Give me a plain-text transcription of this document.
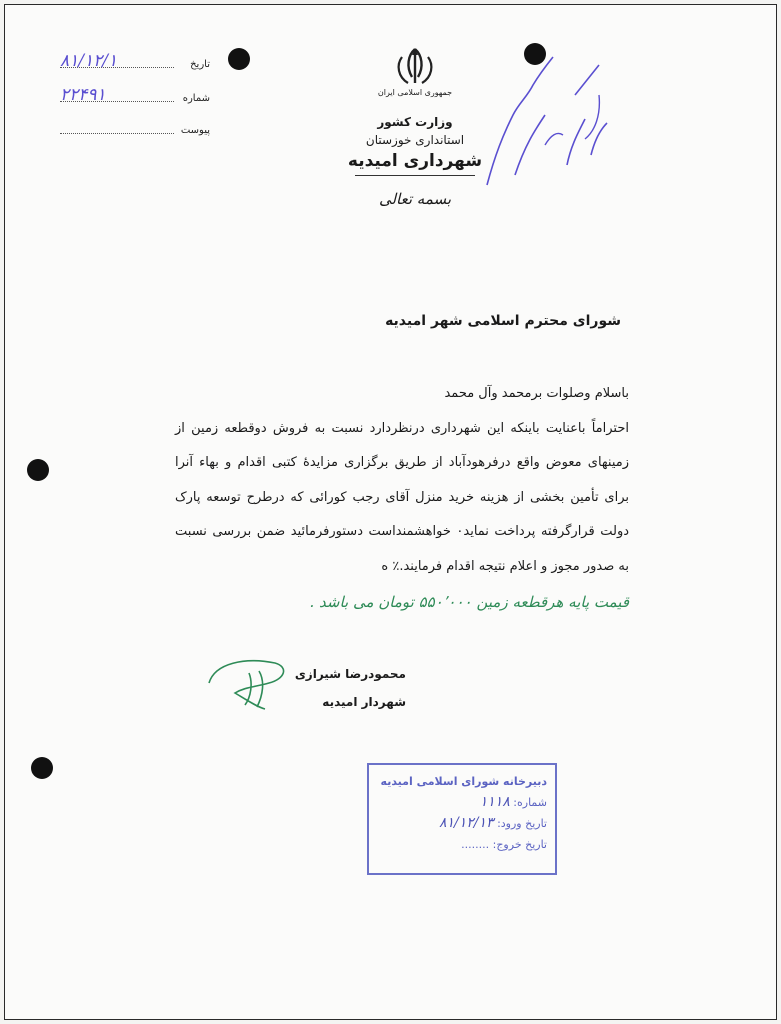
تاریخ
۸۱/۱۲/۱
شماره
۲۲۴۹۱
پیوست
جمهوری اسلامی ایران
وزارت کشور
استانداری خوزستان
شهرداری امیدیه
بسمه تعالی
شورای محترم اسلامی شهر امیدیه

باسلام وصلوات برمحمد وآل محمد

احتراماً باعنایت باینکه این شهرداری درنظردارد نسبت به فروش دوقطعه زمین از زمینهای معوض واقع درفرهودآباد از طریق برگزاری مزایدهٔ کتبی اقدام و بهاء آنرا برای تأمین بخشی از هزینه خرید منزل آقای رجب کورائی که درطرح توسعه پارک دولت قرارگرفته پرداخت نماید٠ خواهشمنداست دستورفرمائید ضمن بررسی نسبت به صدور مجوز و اعلام نتیجه اقدام فرمایند.٪ ه

قیمت پایه هرقطعه زمین ۵۵۰٬۰۰۰ تومان می باشد .

محمودرضا شیرازی
شهردار امیدیه
دبیرخانه شورای اسلامی امیدیه
شماره: ۱۱۱۸
تاریخ ورود: ۸۱/۱۲/۱۳
تاریخ خروج: ........
